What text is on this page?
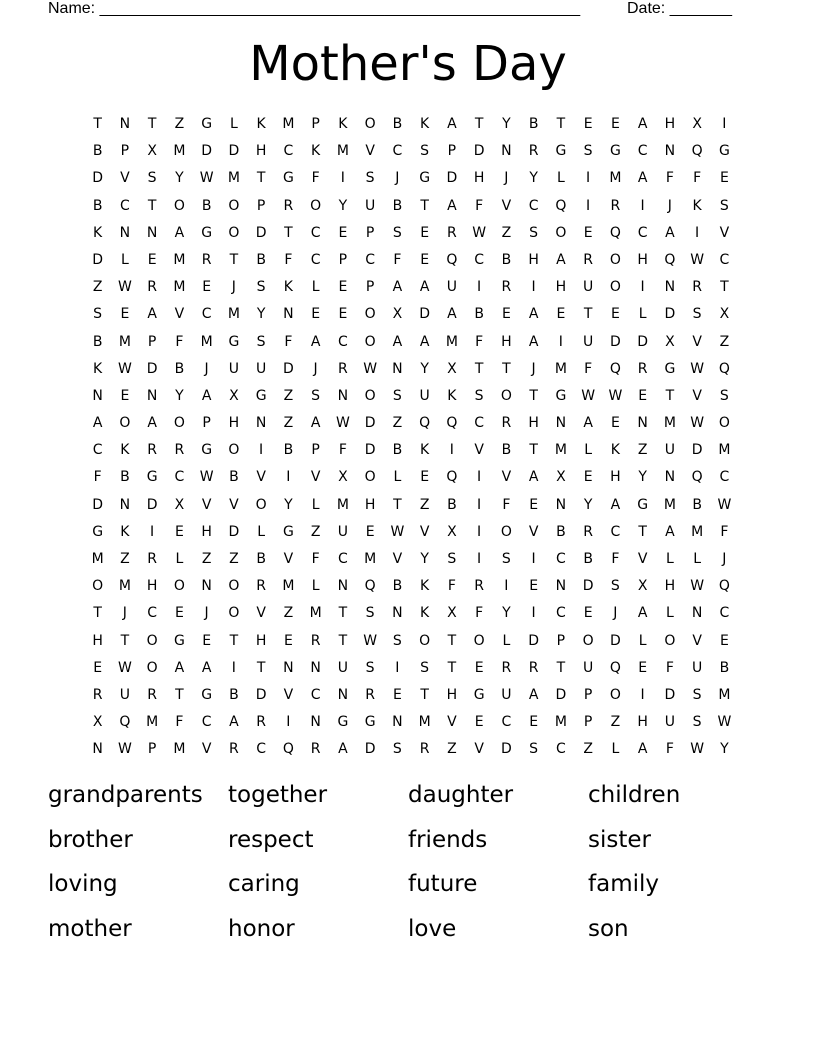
Name: ______________________________________________________	Date: _______
Mother's Day
T	N	T	Z	G	L	K	M	P	K	O	B	K	A	T	Y	B	T	E	E	A	H	X	I
B	P	X	M	D	D	H	C	K	M	V	C	S	P	D	N	R	G	S	G	C	N	Q	G
D	V	S	Y	W	M	T	G	F	I	S	J	G	D	H	J	Y	L	I	M	A	F	F	E
B	C	T	O	B	O	P	R	O	Y	U	B	T	A	F	V	C	Q	I	R	I	J	K	S
K	N	N	A	G	O	D	T	C	E	P	S	E	R	W	Z	S	O	E	Q	C	A	I	V
D	L	E	M	R	T	B	F	C	P	C	F	E	Q	C	B	H	A	R	O	H	Q	W	C
Z	W	R	M	E	J	S	K	L	E	P	A	A	U	I	R	I	H	U	O	I	N	R	T
S	E	A	V	C	M	Y	N	E	E	O	X	D	A	B	E	A	E	T	E	L	D	S	X
B	M	P	F	M	G	S	F	A	C	O	A	A	M	F	H	A	I	U	D	D	X	V	Z
K	W	D	B	J	U	U	D	J	R	W	N	Y	X	T	T	J	M	F	Q	R	G	W	Q
N	E	N	Y	A	X	G	Z	S	N	O	S	U	K	S	O	T	G	W W	E	T	V	S
A	O	A	O	P	H	N	Z	A	W	D	Z	Q	Q	C	R	H	N	A	E	N	M	W	O
C	K	R	R	G	O	I	B	P	F	D	B	K	I	V	B	T	M	L	K	Z	U	D	M
F	B	G	C	W	B	V	I	V	X	O	L	E	Q	I	V	A	X	E	H	Y	N	Q	C
D	N	D	X	V	V	O	Y	L	M	H	T	Z	B	I	F	E	N	Y	A	G	M	B	W
G	K	I	E	H	D	L	G	Z	U	E	W	V	X	I	O	V	B	R	C	T	A	M	F
M	Z	R	L	Z	Z	B	V	F	C	M	V	Y	S	I	S	I	C	B	F	V	L	L	J
O	M	H	O	N	O	R	M	L	N	Q	B	K	F	R	I	E	N	D	S	X	H	W	Q
T	J	C	E	J	O	V	Z	M	T	S	N	K	X	F	Y	I	C	E	J	A	L	N	C
H	T	O	G	E	T	H	E	R	T	W	S	O	T	O	L	D	P	O	D	L	O	V	E
E	W	O	A	A	I	T	N	N	U	S	I	S	T	E	R	R	T	U	Q	E	F	U	B
R	U	R	T	G	B	D	V	C	N	R	E	T	H	G	U	A	D	P	O	I	D	S	M
X	Q	M	F	C	A	R	I	N	G	G	N	M	V	E	C	E	M	P	Z	H	U	S	W
N	W	P	M	V	R	C	Q	R	A	D	S	R	Z	V	D	S	C	Z	L	A	F	W	Y
grandparents	together	daughter	children
brother	respect	friends	sister
loving	caring	future	family
mother	honor	love	son
